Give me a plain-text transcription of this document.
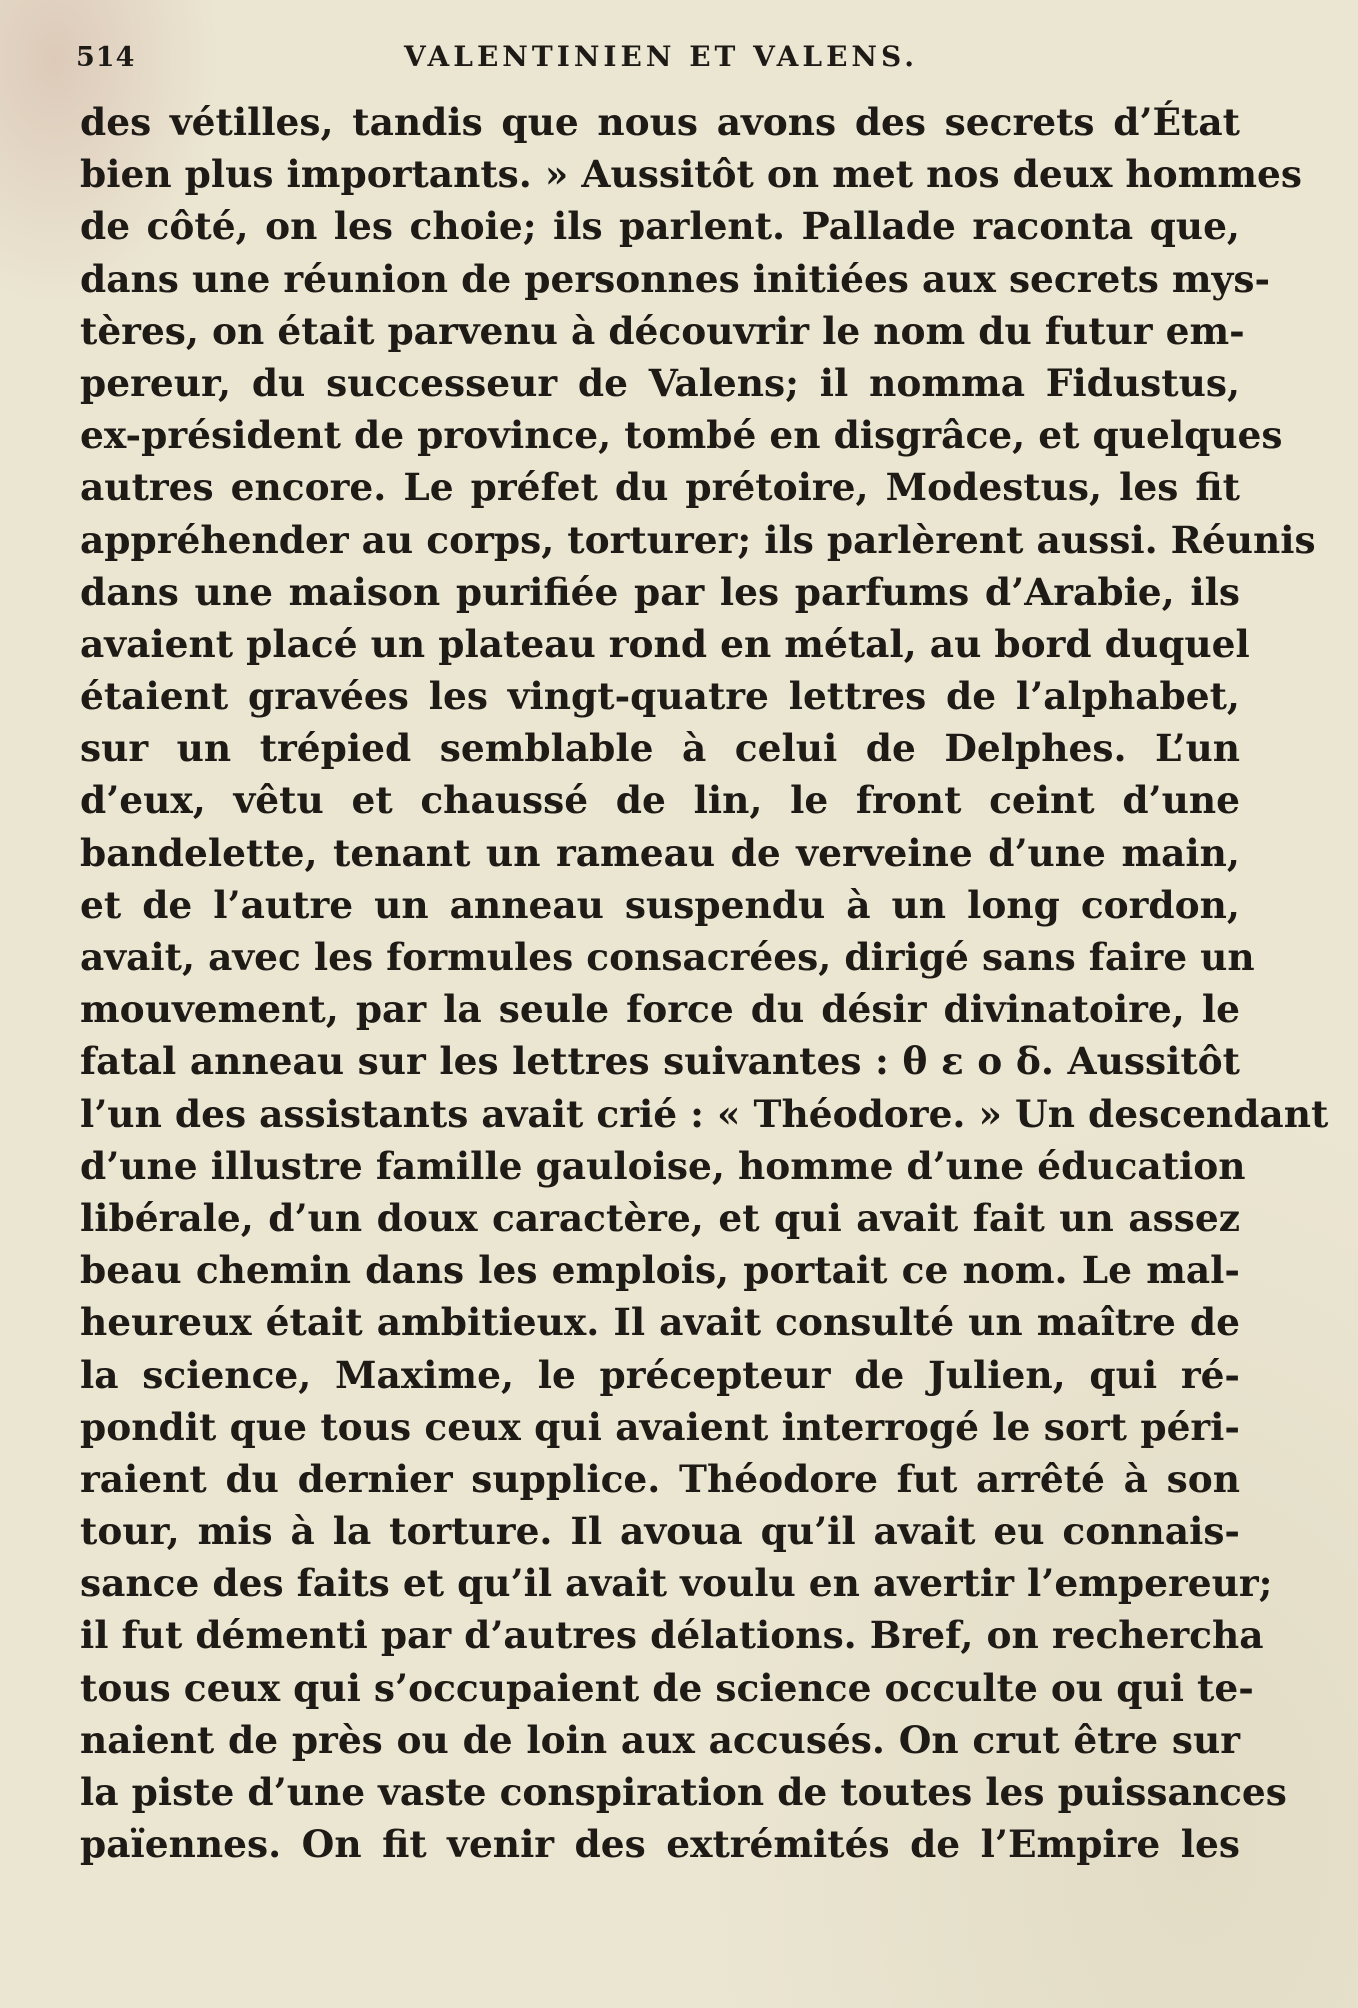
514	VALENTINIEN ET VALENS.
des vétilles, tandis que nous avons des secrets d’État
bien plus importants. » Aussitôt on met nos deux hommes
de côté, on les choie; ils parlent. Pallade raconta que,
dans une réunion de personnes initiées aux secrets mys-
tères, on était parvenu à découvrir le nom du futur em-
pereur, du successeur de Valens; il nomma Fidustus,
ex-président de province, tombé en disgrâce, et quelques
autres encore. Le préfet du prétoire, Modestus, les fit
appréhender au corps, torturer; ils parlèrent aussi. Réunis
dans une maison purifiée par les parfums d’Arabie, ils
avaient placé un plateau rond en métal, au bord duquel
étaient gravées les vingt-quatre lettres de l’alphabet,
sur un trépied semblable à celui de Delphes. L’un
d’eux, vêtu et chaussé de lin, le front ceint d’une
bandelette, tenant un rameau de verveine d’une main,
et de l’autre un anneau suspendu à un long cordon,
avait, avec les formules consacrées, dirigé sans faire un
mouvement, par la seule force du désir divinatoire, le
fatal anneau sur les lettres suivantes : θ ε ο δ. Aussitôt
l’un des assistants avait crié : « Théodore. » Un descendant
d’une illustre famille gauloise, homme d’une éducation
libérale, d’un doux caractère, et qui avait fait un assez
beau chemin dans les emplois, portait ce nom. Le mal-
heureux était ambitieux. Il avait consulté un maître de
la science, Maxime, le précepteur de Julien, qui ré-
pondit que tous ceux qui avaient interrogé le sort péri-
raient du dernier supplice. Théodore fut arrêté à son
tour, mis à la torture. Il avoua qu’il avait eu connais-
sance des faits et qu’il avait voulu en avertir l’empereur;
il fut démenti par d’autres délations. Bref, on rechercha
tous ceux qui s’occupaient de science occulte ou qui te-
naient de près ou de loin aux accusés. On crut être sur
la piste d’une vaste conspiration de toutes les puissances
païennes. On fit venir des extrémités de l’Empire les
